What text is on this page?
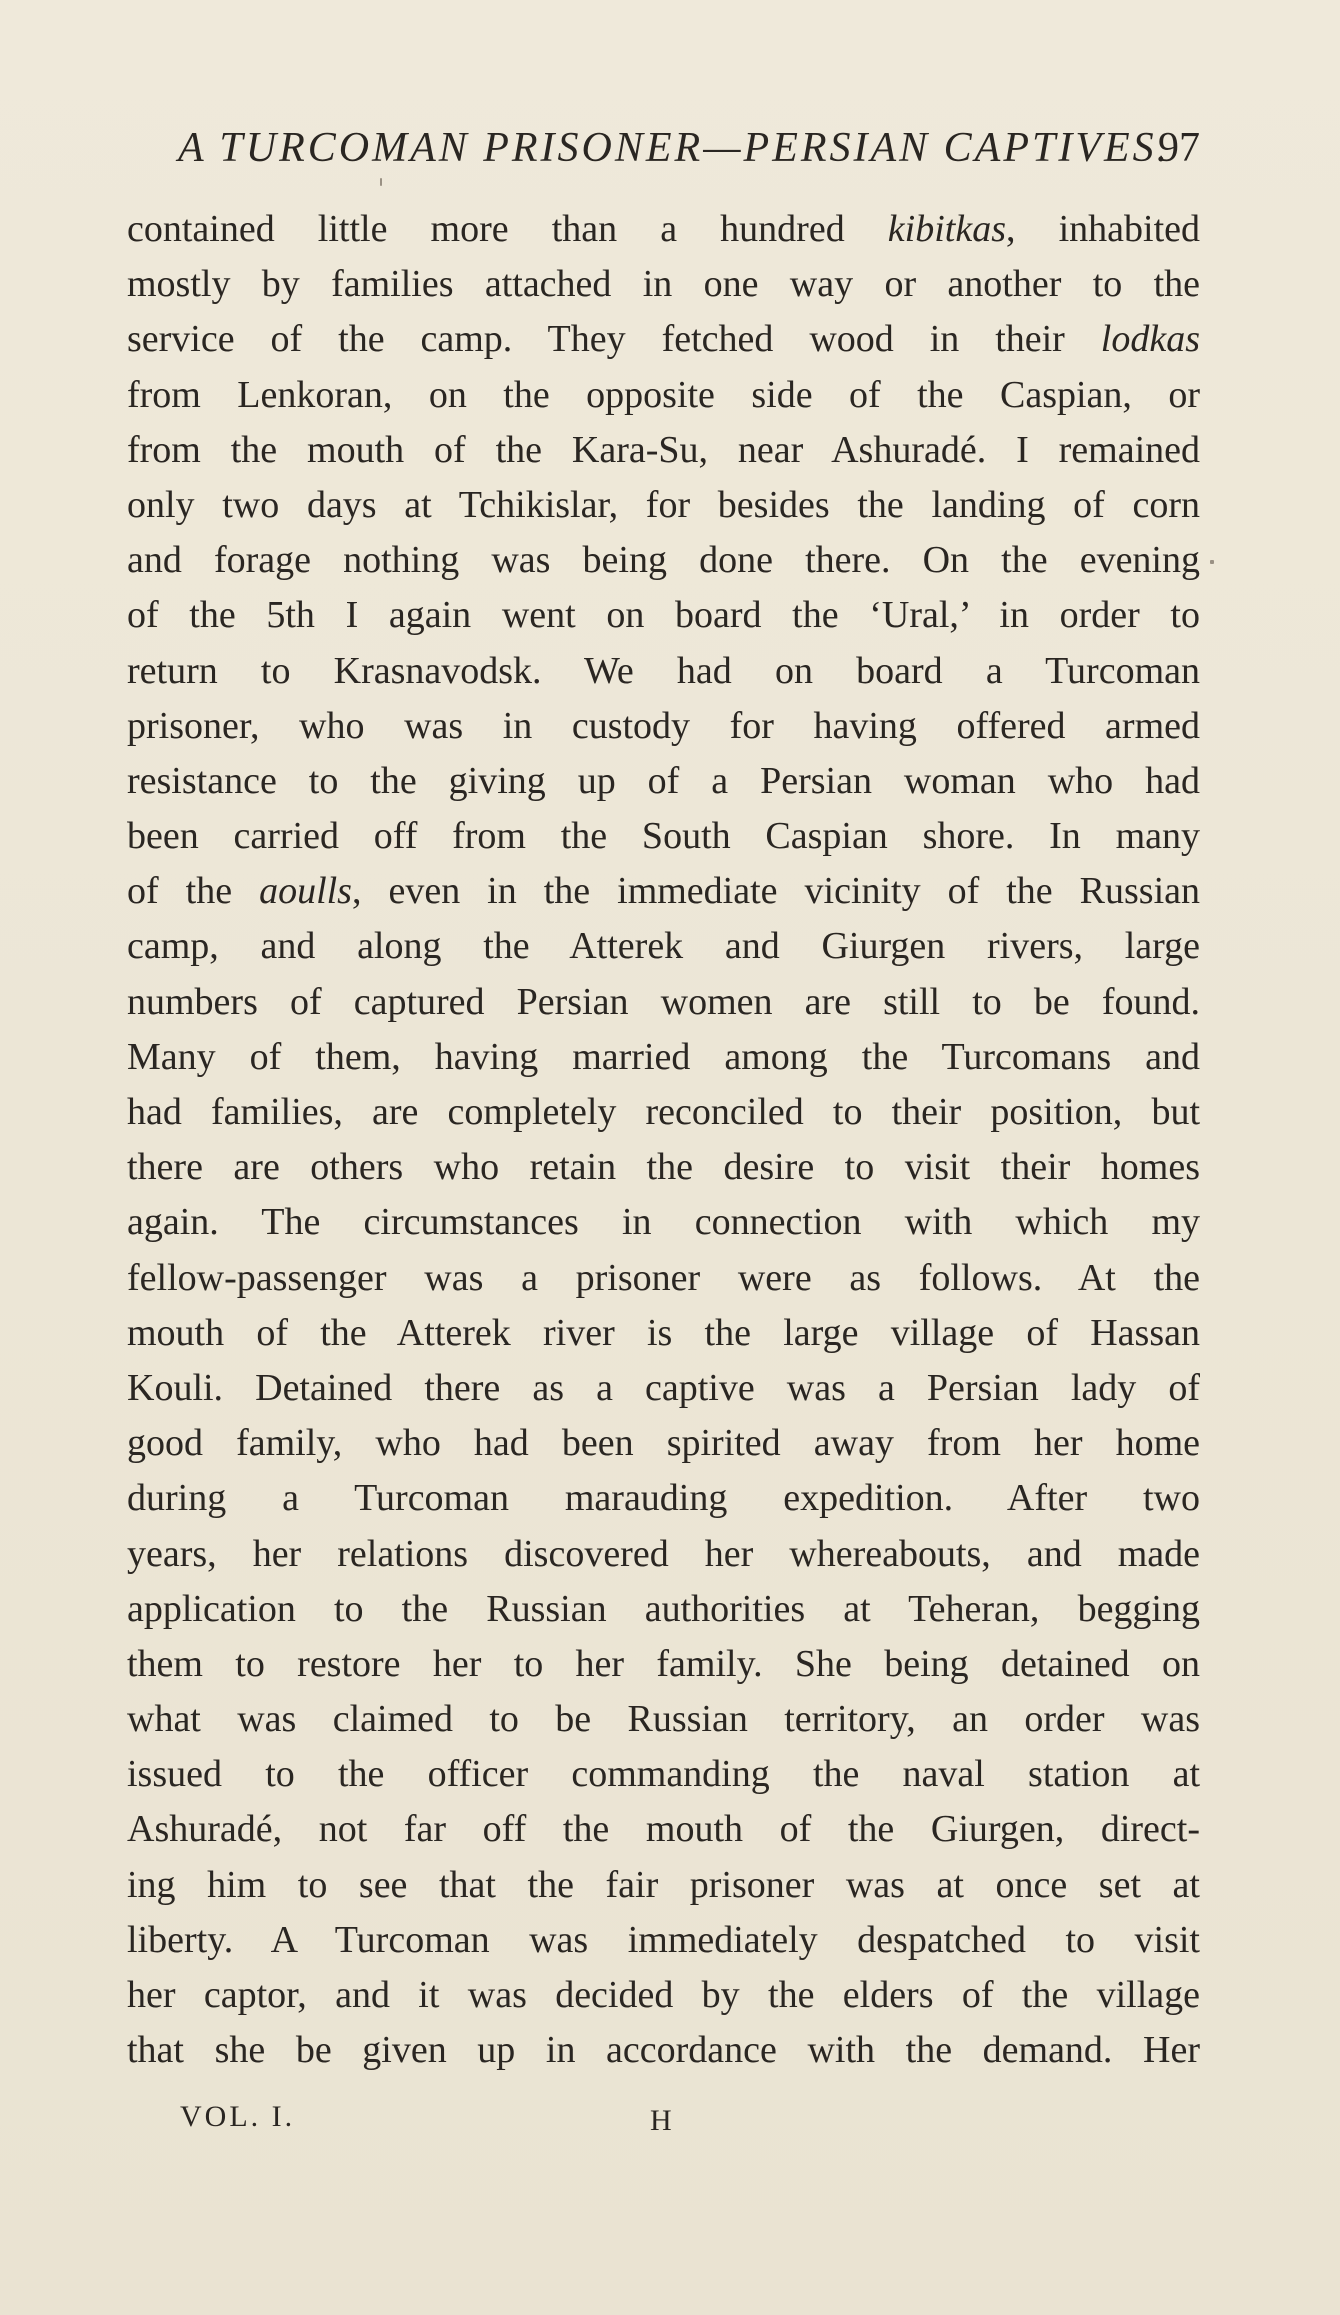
A TURCOMAN PRISONER—PERSIAN CAPTIVES.
97
contained little more than a hundred kibitkas, inhabited
mostly by families attached in one way or another to the
service of the camp. They fetched wood in their lodkas
from Lenkoran, on the opposite side of the Caspian, or
from the mouth of the Kara-Su, near Ashuradé. I remained
only two days at Tchikislar, for besides the landing of corn
and forage nothing was being done there. On the evening
of the 5th I again went on board the ‘Ural,’ in order to
return to Krasnavodsk. We had on board a Turcoman
prisoner, who was in custody for having offered armed
resistance to the giving up of a Persian woman who had
been carried off from the South Caspian shore. In many
of the aoulls, even in the immediate vicinity of the Russian
camp, and along the Atterek and Giurgen rivers, large
numbers of captured Persian women are still to be found.
Many of them, having married among the Turcomans and
had families, are completely reconciled to their position, but
there are others who retain the desire to visit their homes
again. The circumstances in connection with which my
fellow-passenger was a prisoner were as follows. At the
mouth of the Atterek river is the large village of Hassan
Kouli. Detained there as a captive was a Persian lady of
good family, who had been spirited away from her home
during a Turcoman marauding expedition. After two
years, her relations discovered her whereabouts, and made
application to the Russian authorities at Teheran, begging
them to restore her to her family. She being detained on
what was claimed to be Russian territory, an order was
issued to the officer commanding the naval station at
Ashuradé, not far off the mouth of the Giurgen, direct-
ing him to see that the fair prisoner was at once set at
liberty. A Turcoman was immediately despatched to visit
her captor, and it was decided by the elders of the village
that she be given up in accordance with the demand. Her
VOL. I.	H
